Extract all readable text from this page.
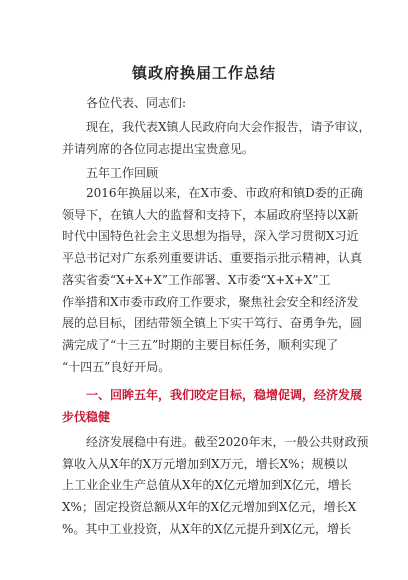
镇政府换届工作总结

各位代表、同志们:

现在，我代表X镇人民政府向大会作报告，请予审议，
并请列席的各位同志提出宝贵意见。

五年工作回顾

2016年换届以来，在X市委、市政府和镇D委的正确
领导下，在镇人大的监督和支持下，本届政府坚持以X新
时代中国特色社会主义思想为指导，深入学习贯彻X习近
平总书记对广东系列重要讲话、重要指示批示精神，认真
落实省委“X+X+X”工作部署、X市委“X+X+X”工
作举措和X市委市政府工作要求，聚焦社会安全和经济发
展的总目标，团结带领全镇上下实干笃行、奋勇争先，圆
满完成了“十三五”时期的主要目标任务，顺利实现了
“十四五”良好开局。

一、回眸五年，我们咬定目标，稳增促调，经济发展
步伐稳健

经济发展稳中有进。截至2020年末，一般公共财政预
算收入从X年的X万元增加到X万元，增长X%；规模以
上工业企业生产总值从X年的X亿元增加到X亿元，增长
X%；固定投资总额从X年的X亿元增加到X亿元，增长X
%。其中工业投资，从X年的X亿元提升到X亿元，增长
